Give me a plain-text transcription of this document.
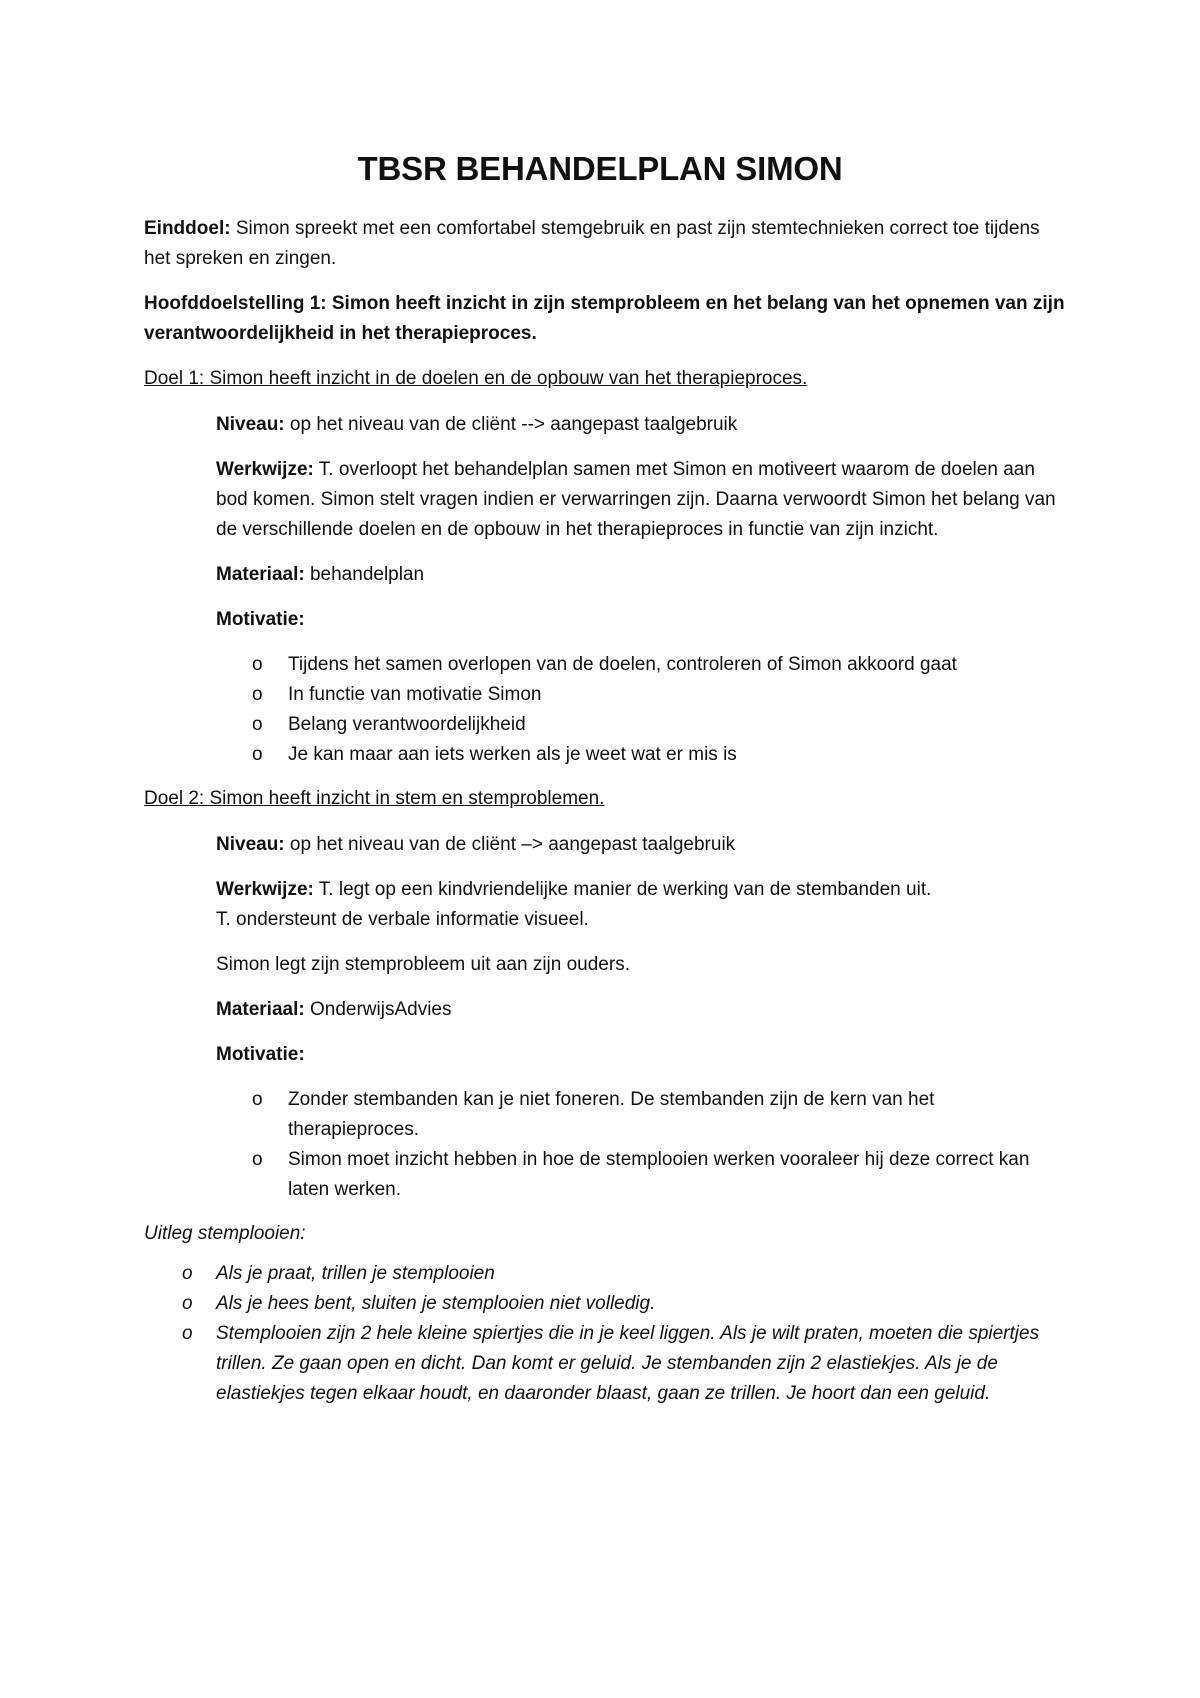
TBSR BEHANDELPLAN SIMON

Einddoel: Simon spreekt met een comfortabel stemgebruik en past zijn stemtechnieken correct toe tijdens het spreken en zingen.

Hoofddoelstelling 1: Simon heeft inzicht in zijn stemprobleem en het belang van het opnemen van zijn verantwoordelijkheid in het therapieproces.

Doel 1: Simon heeft inzicht in de doelen en de opbouw van het therapieproces.

Niveau: op het niveau van de cliënt --> aangepast taalgebruik

Werkwijze: T. overloopt het behandelplan samen met Simon en motiveert waarom de doelen aan bod komen. Simon stelt vragen indien er verwarringen zijn. Daarna verwoordt Simon het belang van de verschillende doelen en de opbouw in het therapieproces in functie van zijn inzicht.

Materiaal: behandelplan

Motivatie:

o Tijdens het samen overlopen van de doelen, controleren of Simon akkoord gaat
o In functie van motivatie Simon
o Belang verantwoordelijkheid
o Je kan maar aan iets werken als je weet wat er mis is

Doel 2: Simon heeft inzicht in stem en stemproblemen.

Niveau: op het niveau van de cliënt –> aangepast taalgebruik

Werkwijze: T. legt op een kindvriendelijke manier de werking van de stembanden uit.
T. ondersteunt de verbale informatie visueel.

Simon legt zijn stemprobleem uit aan zijn ouders.

Materiaal: OnderwijsAdvies

Motivatie:

o Zonder stembanden kan je niet foneren. De stembanden zijn de kern van het therapieproces.
o Simon moet inzicht hebben in hoe de stemplooien werken vooraleer hij deze correct kan laten werken.

Uitleg stemplooien:

o Als je praat, trillen je stemplooien
o Als je hees bent, sluiten je stemplooien niet volledig.
o Stemplooien zijn 2 hele kleine spiertjes die in je keel liggen. Als je wilt praten, moeten die spiertjes trillen. Ze gaan open en dicht. Dan komt er geluid. Je stembanden zijn 2 elastiekjes. Als je de elastiekjes tegen elkaar houdt, en daaronder blaast, gaan ze trillen. Je hoort dan een geluid.
